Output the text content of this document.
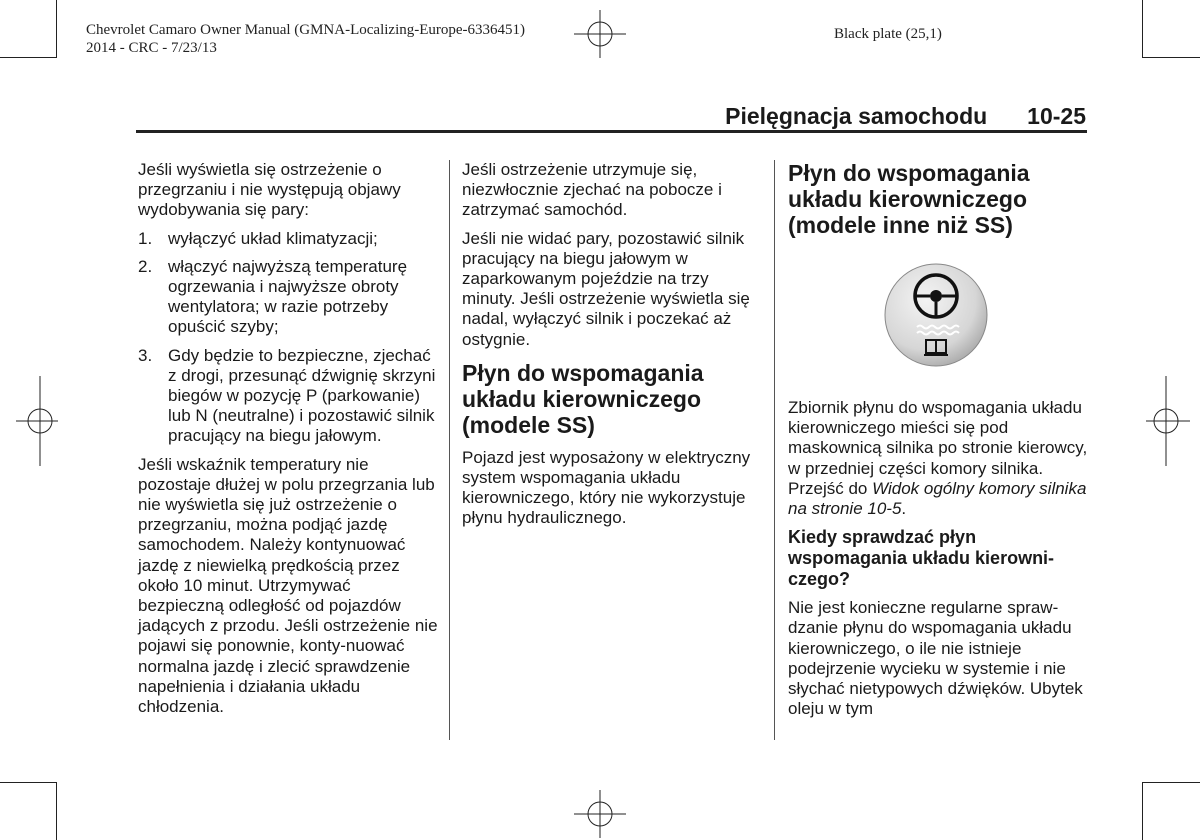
Chevrolet Camaro Owner Manual (GMNA-Localizing-Europe-6336451)
2014 - CRC - 7/23/13
Black plate (25,1)
Pielęgnacja samochodu 10-25

Jeśli wyświetla się ostrzeżenie o przegrzaniu i nie występują objawy wydobywania się pary:

1. wyłączyć układ klimatyzacji;
2. włączyć najwyższą temperaturę ogrzewania i najwyższe obroty wentylatora; w razie potrzeby opuścić szyby;
3. Gdy będzie to bezpieczne, zjechać z drogi, przesunąć dźwignię skrzyni biegów w pozycję P (parkowanie) lub N (neutralne) i pozostawić silnik pracujący na biegu jałowym.

Jeśli wskaźnik temperatury nie pozostaje dłużej w polu przegrzania lub nie wyświetla się już ostrzeżenie o przegrzaniu, można podjąć jazdę samochodem. Należy kontynuować jazdę z niewielką prędkością przez około 10 minut. Utrzymywać bezpieczną odległość od pojazdów jadących z przodu. Jeśli ostrzeżenie nie pojawi się ponownie, konty-nuować normalna jazdę i zlecić sprawdzenie napełnienia i działania układu chłodzenia.

Jeśli ostrzeżenie utrzymuje się, niezwłocznie zjechać na pobocze i zatrzymać samochód.

Jeśli nie widać pary, pozostawić silnik pracujący na biegu jałowym w zaparkowanym pojeździe na trzy minuty. Jeśli ostrzeżenie wyświetla się nadal, wyłączyć silnik i poczekać aż ostygnie.

Płyn do wspomagania układu kierowniczego (modele SS)

Pojazd jest wyposażony w elektryczny system wspomagania układu kierowniczego, który nie wykorzystuje płynu hydraulicznego.

Płyn do wspomagania układu kierowniczego (modele inne niż SS)

Zbiornik płynu do wspomagania układu kierowniczego mieści się pod maskownicą silnika po stronie kierowcy, w przedniej części komory silnika. Przejść do Widok ogólny komory silnika na stronie 10-5.

Kiedy sprawdzać płyn wspomagania układu kierowni-czego?

Nie jest konieczne regularne spraw-dzanie płynu do wspomagania układu kierowniczego, o ile nie istnieje podejrzenie wycieku w systemie i nie słychać nietypowych dźwięków. Ubytek oleju w tym
